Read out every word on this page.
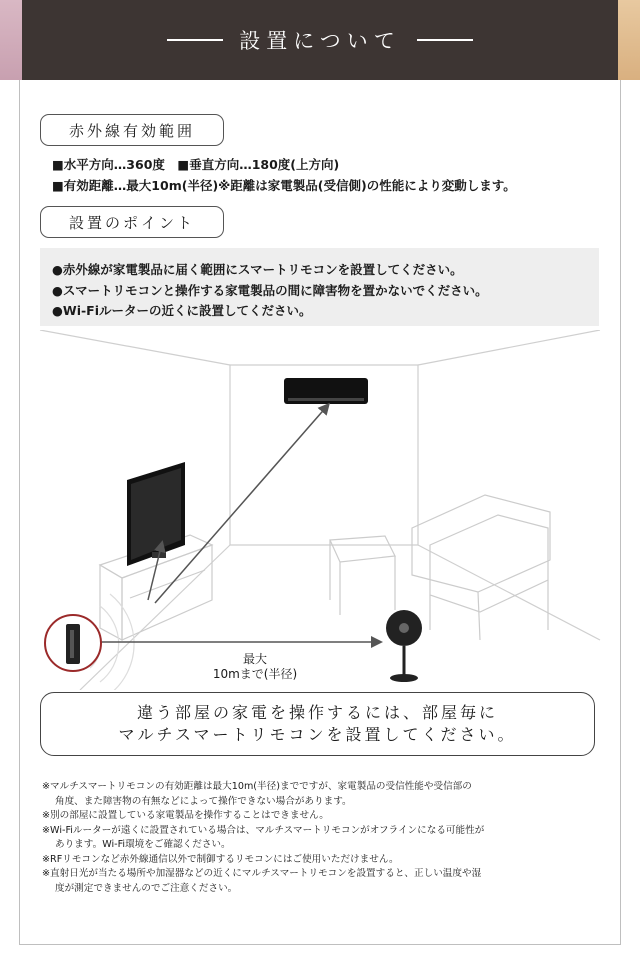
設置について
赤外線有効範囲
■水平方向…360度　■垂直方向…180度(上方向)
■有効距離…最大10m(半径)※距離は家電製品(受信側)の性能により変動します。
設置のポイント
●赤外線が家電製品に届く範囲にスマートリモコンを設置してください。
●スマートリモコンと操作する家電製品の間に障害物を置かないでください。
●Wi-Fiルーターの近くに設置してください。
最大
10mまで(半径)
違う部屋の家電を操作するには、部屋毎に
マルチスマートリモコンを設置してください。
※マルチスマートリモコンの有効距離は最大10m(半径)までですが、家電製品の受信性能や受信部の
角度、また障害物の有無などによって操作できない場合があります。
※別の部屋に設置している家電製品を操作することはできません。
※Wi-Fiルーターが遠くに設置されている場合は、マルチスマートリモコンがオフラインになる可能性が
あります。Wi-Fi環境をご確認ください。
※RFリモコンなど赤外線通信以外で制御するリモコンにはご使用いただけません。
※直射日光が当たる場所や加湿器などの近くにマルチスマートリモコンを設置すると、正しい温度や湿
度が測定できませんのでご注意ください。
